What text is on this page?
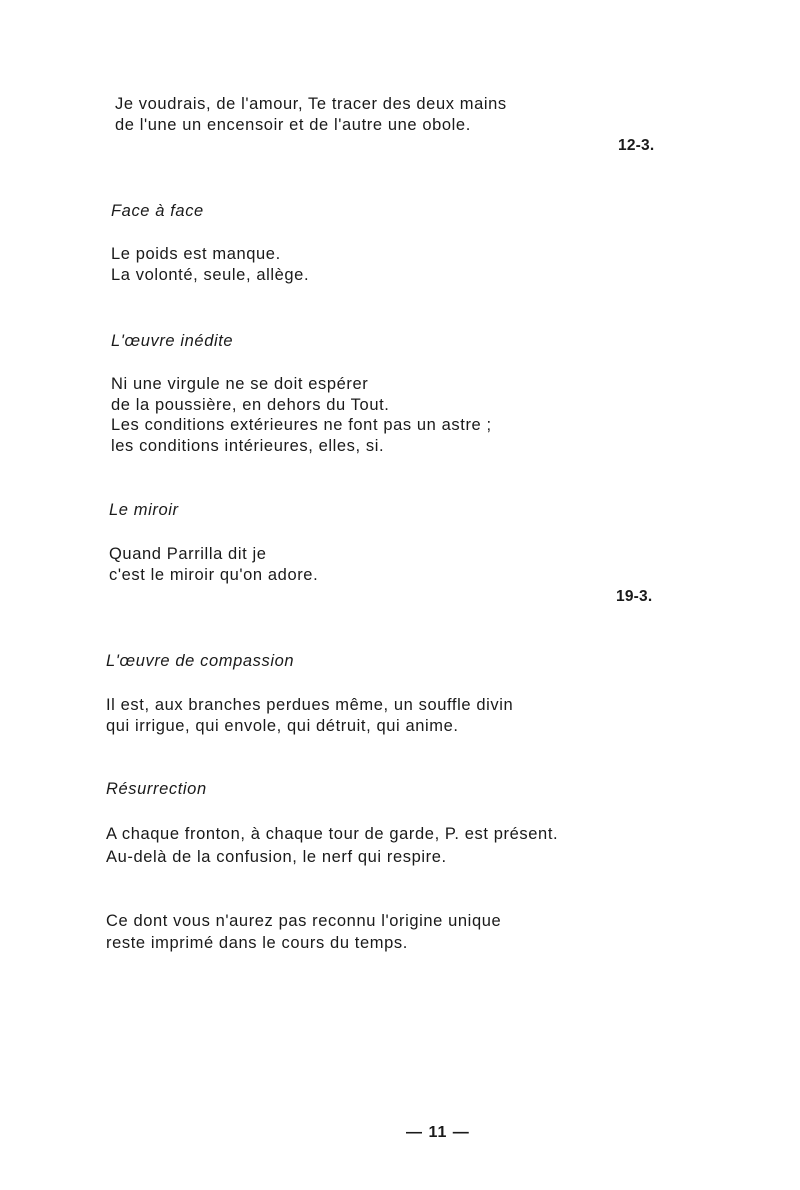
Je voudrais, de l'amour, Te tracer des deux mains
de l'une un encensoir et de l'autre une obole.
12-3.
Face à face
Le poids est manque.
La volonté, seule, allège.
L'œuvre inédite
Ni une virgule ne se doit espérer
de la poussière, en dehors du Tout.
Les conditions extérieures ne font pas un astre ;
les conditions intérieures, elles, si.
Le miroir
Quand Parrilla dit je
c'est le miroir qu'on adore.
19-3.
L'œuvre de compassion
Il est, aux branches perdues même, un souffle divin
qui irrigue, qui envole, qui détruit, qui anime.
Résurrection
A chaque fronton, à chaque tour de garde, P. est présent.
Au-delà de la confusion, le nerf qui respire.
Ce dont vous n'aurez pas reconnu l'origine unique
reste imprimé dans le cours du temps.
— 11 —
